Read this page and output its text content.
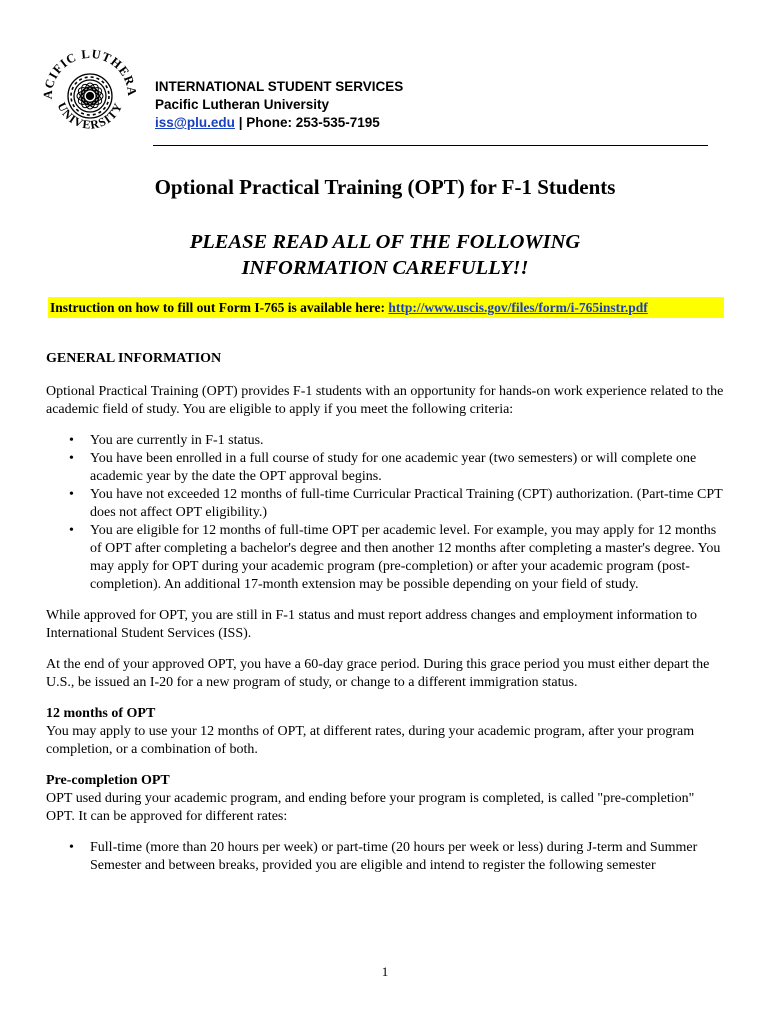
ACIFIC LUTHERA
UNIVERSITY
INTERNATIONAL STUDENT SERVICES
Pacific Lutheran University
iss@plu.edu | Phone: 253-535-7195
Optional Practical Training (OPT) for F-1 Students
PLEASE READ ALL OF THE FOLLOWING
INFORMATION CAREFULLY!!
Instruction on how to fill out Form I-765 is available here: http://www.uscis.gov/files/form/i-765instr.pdf

GENERAL INFORMATION

Optional Practical Training (OPT) provides F-1 students with an opportunity for hands-on work experience related to the academic field of study. You are eligible to apply if you meet the following criteria:

• You are currently in F-1 status.
• You have been enrolled in a full course of study for one academic year (two semesters) or will complete one academic year by the date the OPT approval begins.
• You have not exceeded 12 months of full-time Curricular Practical Training (CPT) authorization. (Part-time CPT does not affect OPT eligibility.)
• You are eligible for 12 months of full-time OPT per academic level. For example, you may apply for 12 months of OPT after completing a bachelor's degree and then another 12 months after completing a master's degree. You may apply for OPT during your academic program (pre-completion) or after your academic program (post-completion). An additional 17-month extension may be possible depending on your field of study.

While approved for OPT, you are still in F-1 status and must report address changes and employment information to International Student Services (ISS).

At the end of your approved OPT, you have a 60-day grace period. During this grace period you must either depart the U.S., be issued an I-20 for a new program of study, or change to a different immigration status.

12 months of OPT

You may apply to use your 12 months of OPT, at different rates, during your academic program, after your program completion, or a combination of both.

Pre-completion OPT

OPT used during your academic program, and ending before your program is completed, is called "pre-completion" OPT. It can be approved for different rates:

• Full-time (more than 20 hours per week) or part-time (20 hours per week or less) during J-term and Summer Semester and between breaks, provided you are eligible and intend to register the following semester
1
